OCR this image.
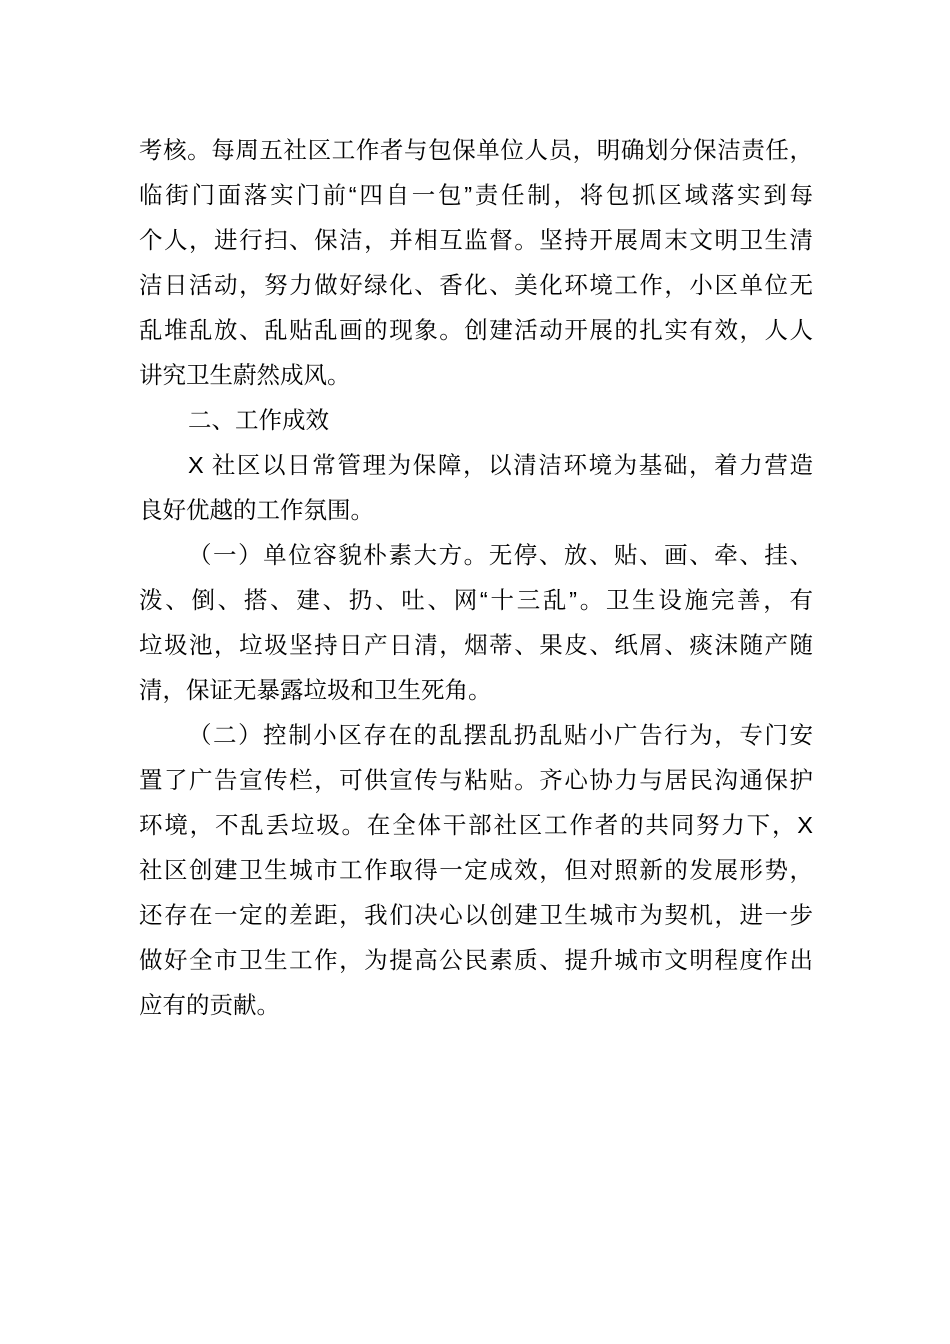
考核。每周五社区工作者与包保单位人员，明确划分保洁责任，
临街门面落实门前“四自一包”责任制，将包抓区域落实到每
个人，进行扫、保洁，并相互监督。坚持开展周末文明卫生清
洁日活动，努力做好绿化、香化、美化环境工作，小区单位无
乱堆乱放、乱贴乱画的现象。创建活动开展的扎实有效，人人
讲究卫生蔚然成风。
二、工作成效
X 社区以日常管理为保障，以清洁环境为基础，着力营造
良好优越的工作氛围。
（一）单位容貌朴素大方。无停、放、贴、画、牵、挂、
泼、倒、搭、建、扔、吐、网“十三乱”。卫生设施完善，有
垃圾池，垃圾坚持日产日清，烟蒂、果皮、纸屑、痰沫随产随
清，保证无暴露垃圾和卫生死角。
（二）控制小区存在的乱摆乱扔乱贴小广告行为，专门安
置了广告宣传栏，可供宣传与粘贴。齐心协力与居民沟通保护
环境，不乱丢垃圾。在全体干部社区工作者的共同努力下，X
社区创建卫生城市工作取得一定成效，但对照新的发展形势，
还存在一定的差距，我们决心以创建卫生城市为契机，进一步
做好全市卫生工作，为提高公民素质、提升城市文明程度作出
应有的贡献。
